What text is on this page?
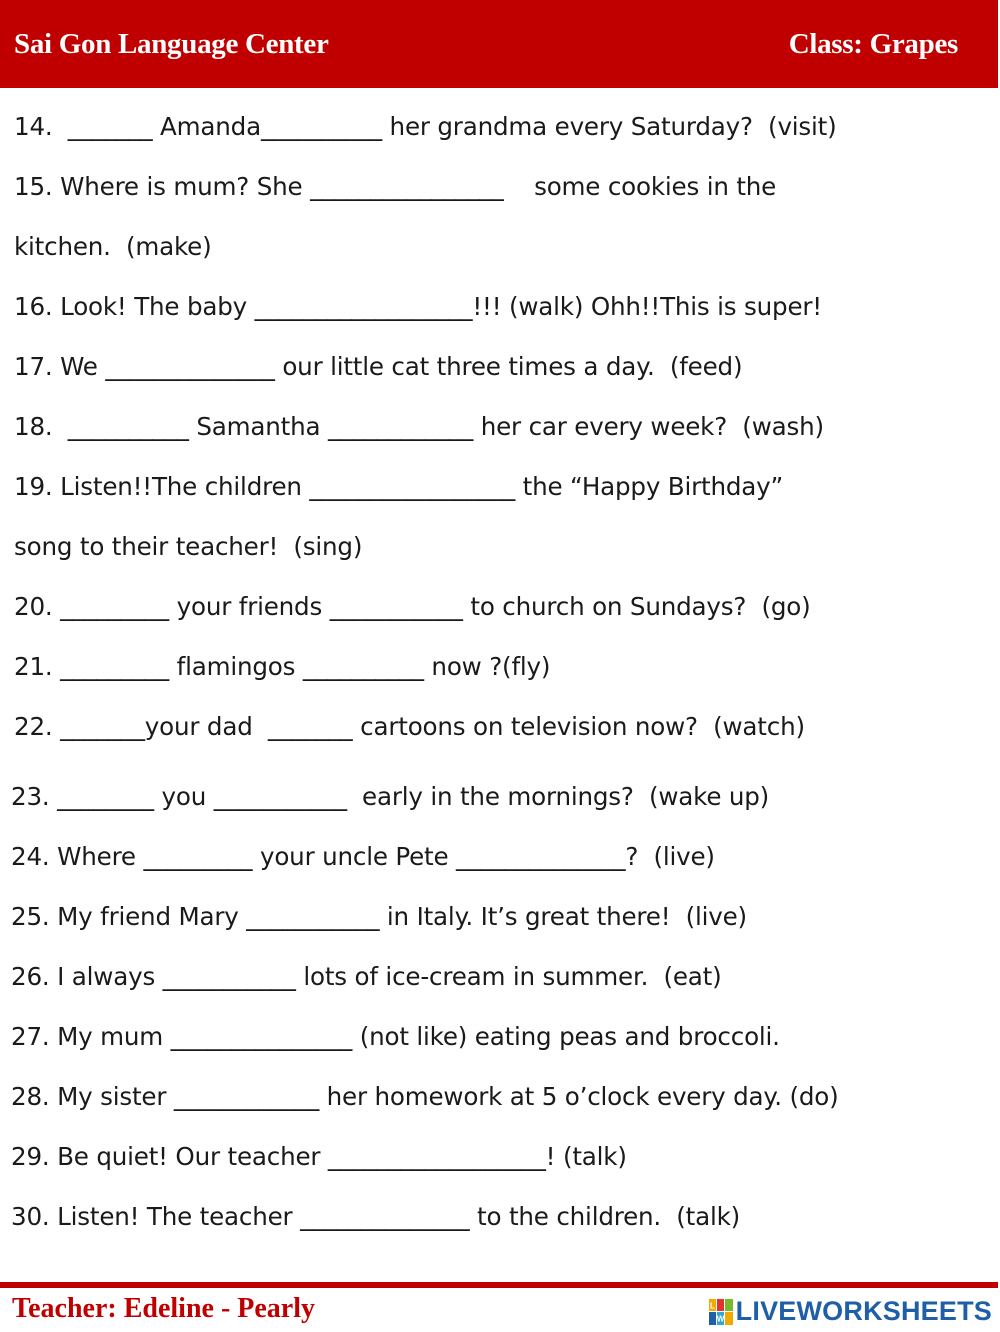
Sai Gon Language Center	Class: Grapes
14.  _______ Amanda__________ her grandma every Saturday?  (visit)
15. Where is mum? She ________________    some cookies in the
kitchen.  (make)
16. Look! The baby __________________!!! (walk) Ohh!!This is super!
17. We ______________ our little cat three times a day.  (feed)
18.  __________ Samantha ____________ her car every week?  (wash)
19. Listen!!The children _________________ the “Happy Birthday”
song to their teacher!  (sing)
20. _________ your friends ___________ to church on Sundays?  (go)
21. _________ flamingos __________ now ?(fly)
22. _______your dad  _______ cartoons on television now?  (watch)
23. ________ you ___________  early in the mornings?  (wake up)
24. Where _________ your uncle Pete ______________?  (live)
25. My friend Mary ___________ in Italy. It’s great there!  (live)
26. I always ___________ lots of ice-cream in summer.  (eat)
27. My mum _______________ (not like) eating peas and broccoli.
28. My sister ____________ her homework at 5 o’clock every day. (do)
29. Be quiet! Our teacher __________________! (talk)
30. Listen! The teacher ______________ to the children.  (talk)
Teacher: Edeline - Pearly	L
W LIVEWORKSHEETS
